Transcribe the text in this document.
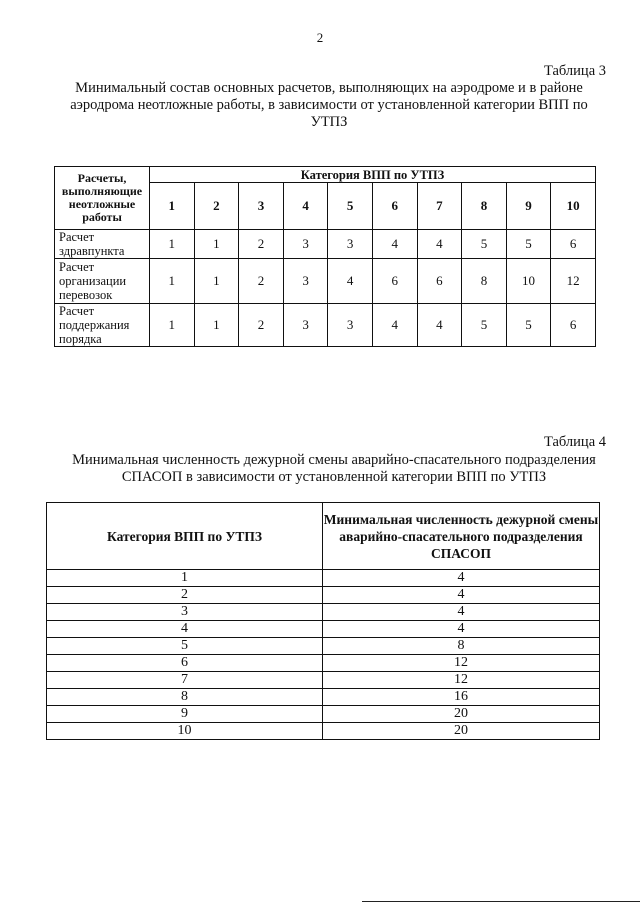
2
Таблица 3
Минимальный состав основных расчетов, выполняющих на аэродроме и в районе аэродрома неотложные работы, в зависимости от установленной категории ВПП по УТПЗ
Расчеты, выполняющие неотложные работы	Категория ВПП по УТПЗ									
	1	2	3	4	5	6	7	8	9	10
Расчет здравпункта	1	1	2	3	3	4	4	5	5	6
Расчет организации перевозок	1	1	2	3	4	6	6	8	10	12
Расчет поддержания порядка	1	1	2	3	3	4	4	5	5	6
Таблица 4
Минимальная численность дежурной смены аварийно-спасательного подразделения СПАСОП в зависимости от установленной категории ВПП по УТПЗ
Категория ВПП по УТПЗ	Минимальная численность дежурной смены аварийно-спасательного подразделения СПАСОП
1	4
2	4
3	4
4	4
5	8
6	12
7	12
8	16
9	20
10	20
